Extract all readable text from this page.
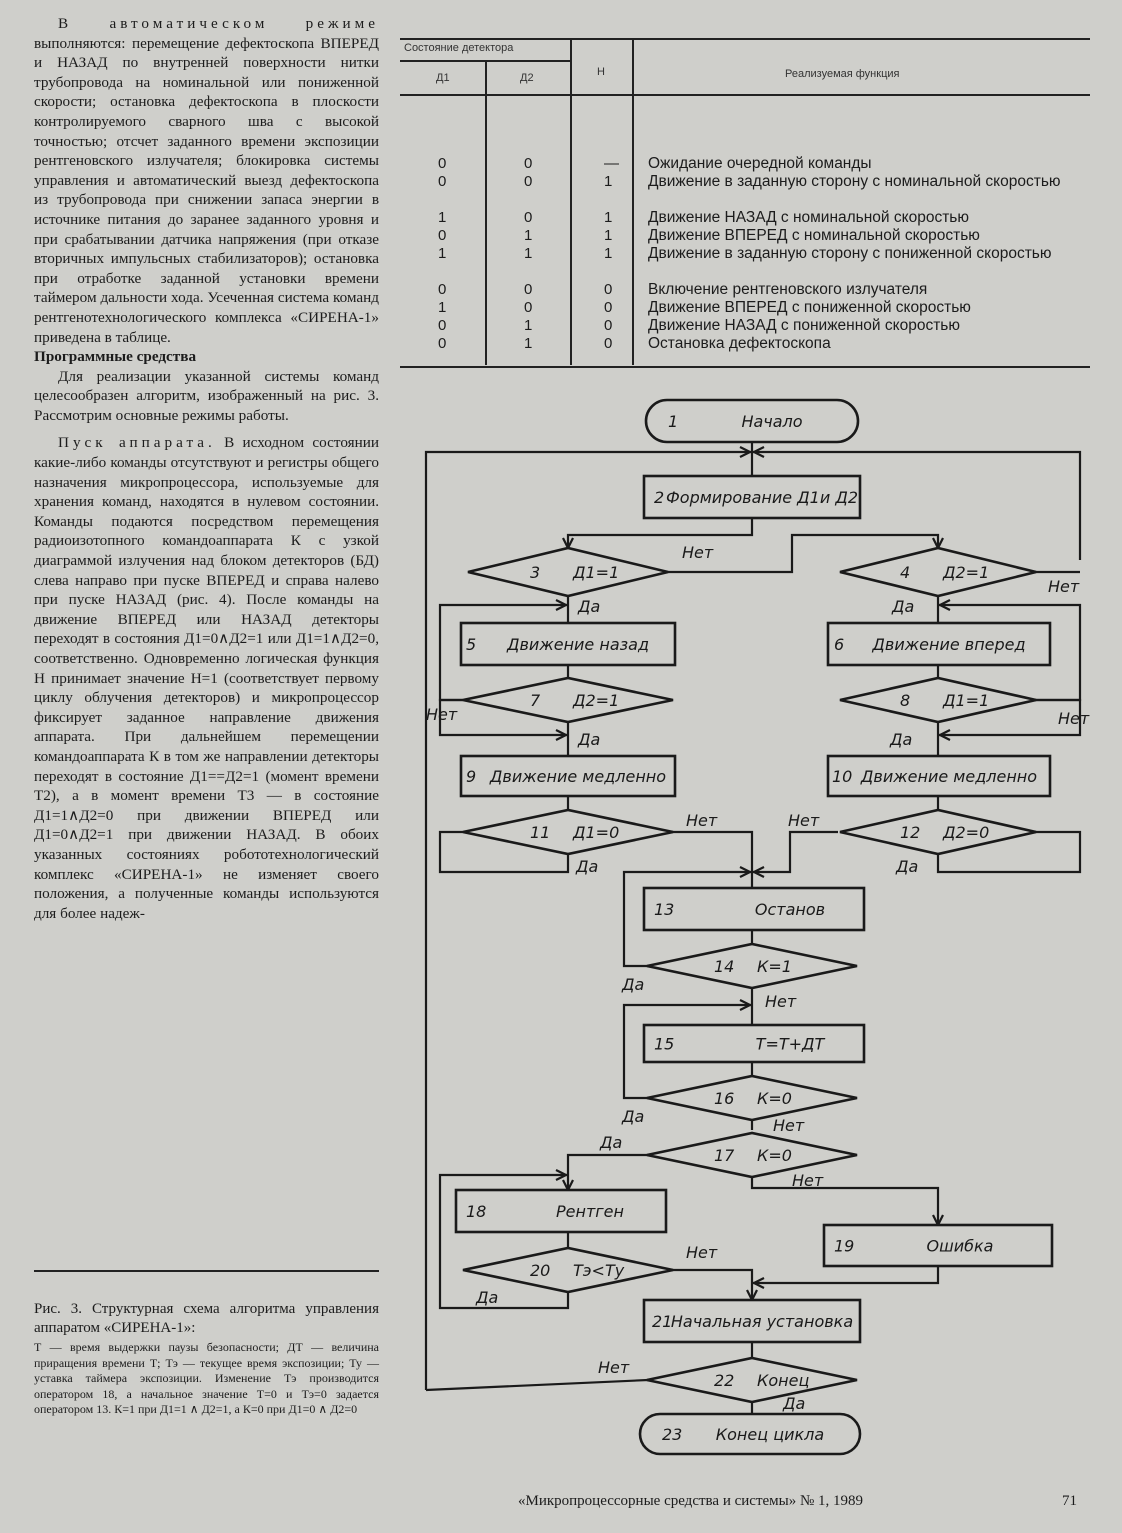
В автоматическом режиме выполняются: перемещение дефектоскопа ВПЕРЕД и НАЗАД по внутренней поверхности нитки трубопровода на номинальной или пониженной скорости; остановка дефектоскопа в плоскости контролируемого сварного шва с высокой точностью; отсчет заданного времени экспозиции рентгеновского излучателя; блокировка системы управления и автоматический выезд дефектоскопа из трубопровода при снижении запаса энергии в источнике питания до заранее заданного уровня и при срабатывании датчика напряжения (при отказе вторичных импульсных стабилизаторов); остановка при отработке заданной установки времени таймером дальности хода. Усеченная система команд рентгенотехнологического комплекса «СИРЕНА-1» приведена в таблице.

Программные средства

Для реализации указанной системы команд целесообразен алгоритм, изображенный на рис. 3. Рассмотрим основные режимы работы.

Пуск аппарата. В исходном состоянии какие-либо команды отсутствуют и регистры общего назначения микропроцессора, используемые для хранения команд, находятся в нулевом состоянии. Команды подаются посредством перемещения радиоизотопного командоаппарата К с узкой диаграммой излучения над блоком детекторов (БД) слева направо при пуске ВПЕРЕД и справа налево при пуске НАЗАД (рис. 4). После команды на движение ВПЕРЕД или НАЗАД детекторы переходят в состояния Д1=0∧Д2=1 или Д1=1∧Д2=0, соответственно. Одновременно логическая функция Н принимает значение Н=1 (соответствует первому циклу облучения детекторов) и микропроцессор фиксирует заданное направление движения аппарата. При дальнейшем перемещении командоаппарата К в том же направлении детекторы переходят в состояние Д1==Д2=1 (момент времени Т2), а в момент времени Т3 — в состояние Д1=1∧Д2=0 при движении ВПЕРЕД или Д1=0∧Д2=1 при движении НАЗАД. В обоих указанных состояниях робототехнологический комплекс «СИРЕНА-1» не изменяет своего положения, а полученные команды используются для более надеж-

Рис. 3. Структурная схема алгоритма управления аппаратом «СИРЕНА-1»:
Т — время выдержки паузы безопасности; ДТ — величина приращения времени Т; Тэ — текущее время экспозиции; Ту — уставка таймера экспозиции. Изменение Тэ производится оператором 18, а начальное значение Т=0 и Тэ=0 задается оператором 13. К=1 при Д1=1 ∧ Д2=1, а К=0 при Д1=0 ∧ Д2=0
Состояние детектора
Д1	Д2	Н	Реализуемая функция
0	0	— Ожидание очередной команды
0	0	1 Движение в заданную сторону с номинальной скоростью
1	0	1 Движение НАЗАД с номинальной скоростью
0	1	1 Движение ВПЕРЕД с номинальной скоростью
1	1	1 Движение в заданную сторону с пониженной скоростью
0	0	0 Включение рентгеновского излучателя
1	0	0 Движение ВПЕРЕД с пониженной скоростью
0	1	0 Движение НАЗАД с пониженной скоростью
0	1	0 Остановка дефектоскопа
1	Начало
2 Формирование Д1и Д2
3 Д1=1	4 Д2=1
5 Движение назад	6 Движение вперед
7 Д2=1	8 Д1=1
9 Движение медленно	10 Движение медленно
11 Д1=0	12 Д2=0
13	Останов
14 К=1
15	Т=Т+ДТ
16 К=0
17 К=0
18	Рентген
19	Ошибка
20 Тэ<Ту
21
Начальная установка
22 Конец
23 Конец цикла
Нет
Нет
Да	Да
Нет	Нет
Да	Да
Нет	Нет
Да	Да
Да
Нет
Да	Нет
Да
Нет
Нет
Да
Нет
Да
«Микропроцессорные средства и системы» № 1, 1989	71
